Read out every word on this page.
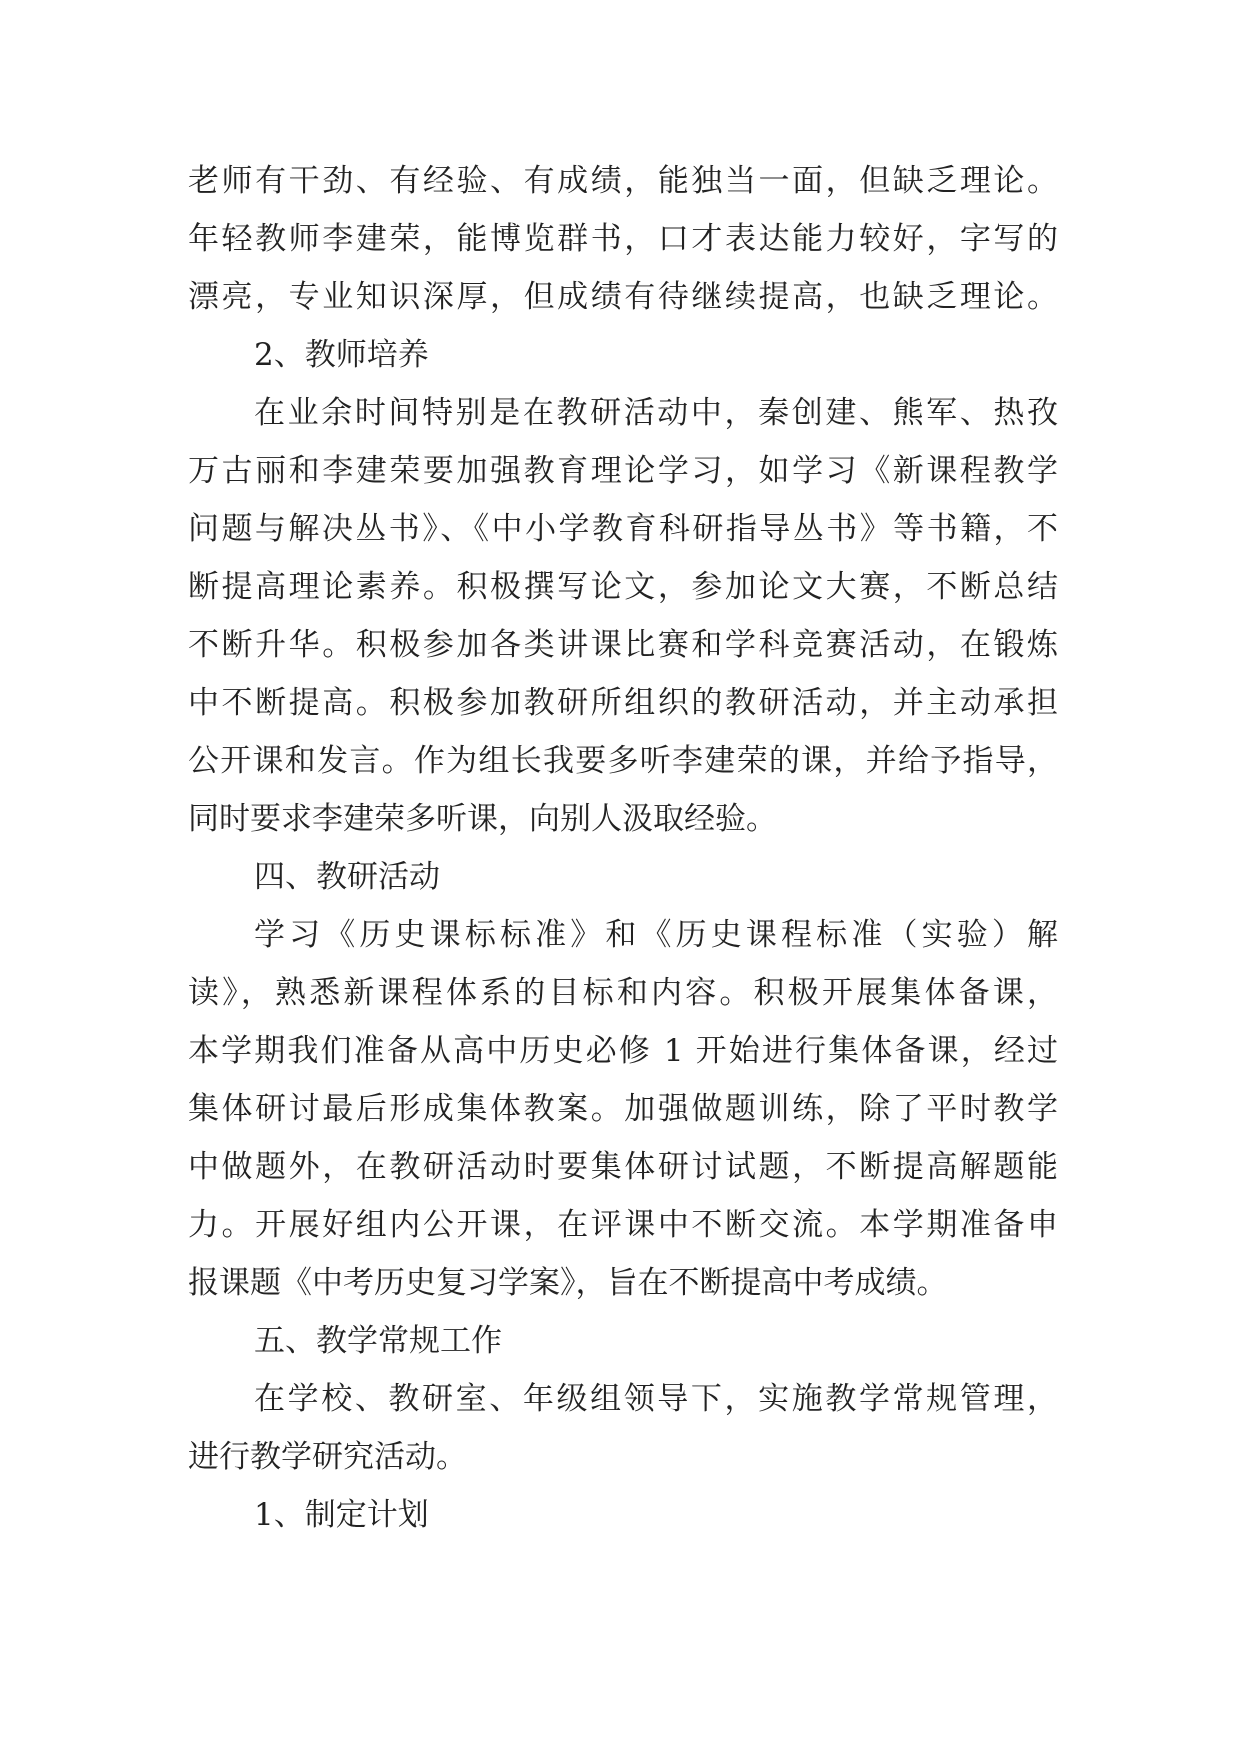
老师有干劲、有经验、有成绩，能独当一面，但缺乏理论。
年轻教师李建荣，能博览群书，口才表达能力较好，字写的
漂亮，专业知识深厚，但成绩有待继续提高，也缺乏理论。
2、教师培养
在业余时间特别是在教研活动中，秦创建、熊军、热孜
万古丽和李建荣要加强教育理论学习，如学习《新课程教学
问题与解决丛书》、《中小学教育科研指导丛书》等书籍，不
断提高理论素养。积极撰写论文，参加论文大赛，不断总结
不断升华。积极参加各类讲课比赛和学科竞赛活动，在锻炼
中不断提高。积极参加教研所组织的教研活动，并主动承担
公开课和发言。作为组长我要多听李建荣的课，并给予指导，
同时要求李建荣多听课，向别人汲取经验。
四、教研活动
学习《历史课标标准》和《历史课程标准（实验）解
读》，熟悉新课程体系的目标和内容。积极开展集体备课，
本学期我们准备从高中历史必修 1 开始进行集体备课，经过
集体研讨最后形成集体教案。加强做题训练，除了平时教学
中做题外，在教研活动时要集体研讨试题，不断提高解题能
力。开展好组内公开课，在评课中不断交流。本学期准备申
报课题《中考历史复习学案》，旨在不断提高中考成绩。
五、教学常规工作
在学校、教研室、年级组领导下，实施教学常规管理，
进行教学研究活动。
1、制定计划
